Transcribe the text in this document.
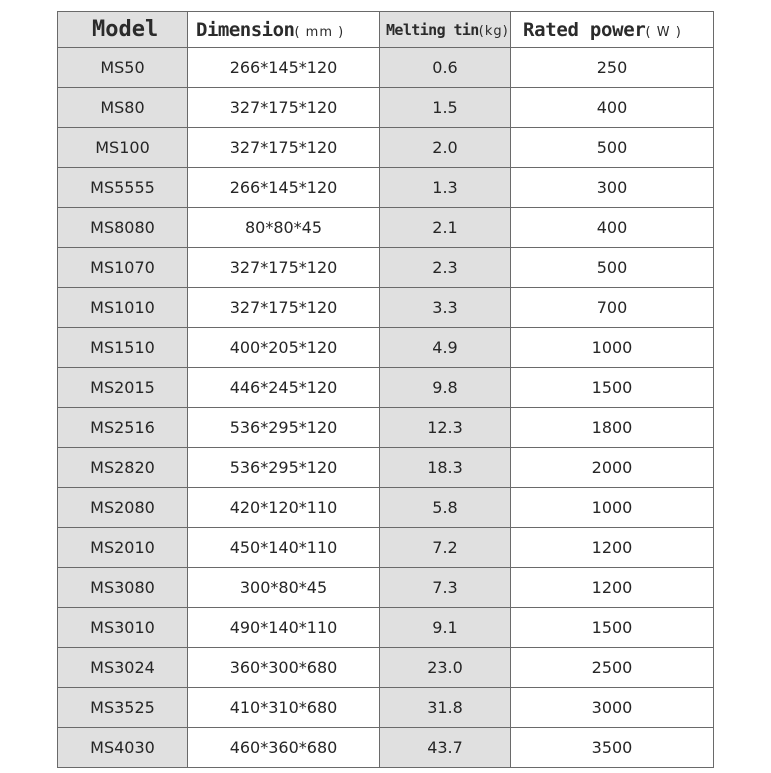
Model	Dimension( mm )	Melting tin(kg)	Rated power( W )
MS50	266*145*120	0.6	250
MS80	327*175*120	1.5	400
MS100	327*175*120	2.0	500
MS5555	266*145*120	1.3	300
MS8080	80*80*45	2.1	400
MS1070	327*175*120	2.3	500
MS1010	327*175*120	3.3	700
MS1510	400*205*120	4.9	1000
MS2015	446*245*120	9.8	1500
MS2516	536*295*120	12.3	1800
MS2820	536*295*120	18.3	2000
MS2080	420*120*110	5.8	1000
MS2010	450*140*110	7.2	1200
MS3080	300*80*45	7.3	1200
MS3010	490*140*110	9.1	1500
MS3024	360*300*680	23.0	2500
MS3525	410*310*680	31.8	3000
MS4030	460*360*680	43.7	3500
